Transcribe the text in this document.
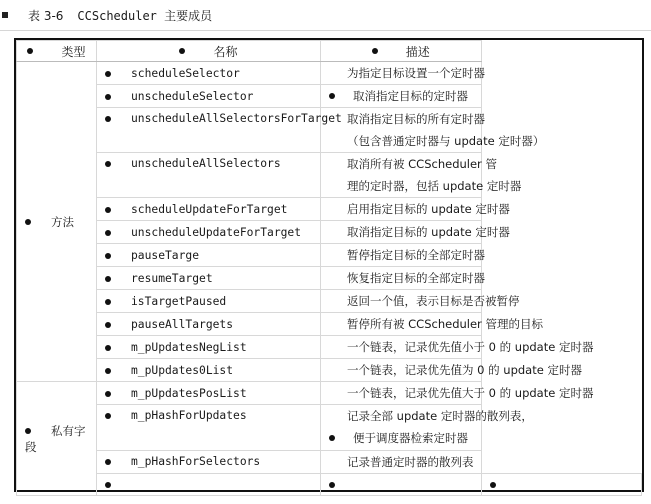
表 3-6 CCScheduler 主要成员
类型	名称	描述	

方法	scheduleSelector	为指定目标设置一个定时器	

	unscheduleSelector	取消指定目标的定时器	

	unscheduleAllSelectorsForTarget	取消指定目标的所有定时器
（包含普通定时器与 update 定时器）	

	unscheduleAllSelectors	取消所有被 CCScheduler 管
理的定时器，包括 update 定时器	

	scheduleUpdateForTarget	启用指定目标的 update 定时器	

	unscheduleUpdateForTarget	取消指定目标的 update 定时器	

	pauseTarge	暂停指定目标的全部定时器	

	resumeTarget	恢复指定目标的全部定时器	

	isTargetPaused	返回一个值，表示目标是否被暂停	

	pauseAllTargets	暂停所有被 CCScheduler 管理的目标	

	m_pUpdatesNegList	一个链表，记录优先值小于 0 的 update 定时器	

	m_pUpdates0List	一个链表，记录优先值为 0 的 update 定时器	

私有字段	m_pUpdatesPosList	一个链表，记录优先值大于 0 的 update 定时器	

	m_pHashForUpdates	记录全部 update 定时器的散列表，
便于调度器检索定时器	

	m_pHashForSelectors	记录普通定时器的散列表	
